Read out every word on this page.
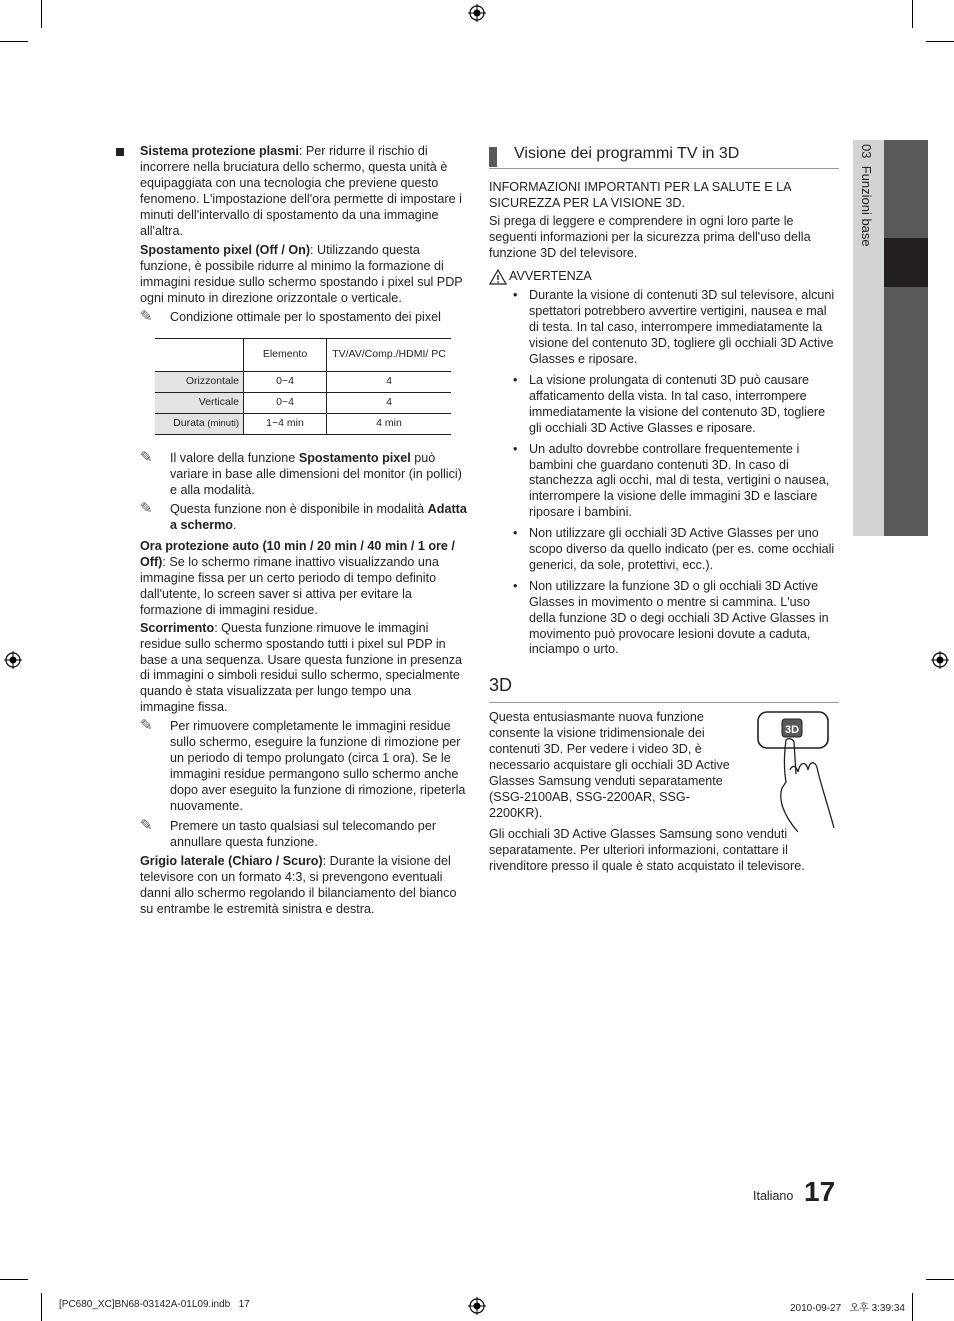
Sistema protezione plasmi: Per ridurre il rischio di incorrere nella bruciatura dello schermo, questa unità è equipaggiata con una tecnologia che previene questo fenomeno. L'impostazione dell'ora permette di impostare i minuti dell'intervallo di spostamento da una immagine all'altra.

Spostamento pixel (Off / On): Utilizzando questa funzione, è possibile ridurre al minimo la formazione di immagini residue sullo schermo spostando i pixel sul PDP ogni minuto in direzione orizzontale o verticale.

✎ Condizione ottimale per lo spostamento dei pixel
	Elemento	TV/AV/Comp./HDMI/ PC
Orizzontale	0~4	4
Verticale	0~4	4
Durata (minuti)	1~4 min	4 min
✎ Il valore della funzione Spostamento pixel può variare in base alle dimensioni del monitor (in pollici) e alla modalità.
✎ Questa funzione non è disponibile in modalità Adatta a schermo.

Ora protezione auto (10 min / 20 min / 40 min / 1 ore / Off): Se lo schermo rimane inattivo visualizzando una immagine fissa per un certo periodo di tempo definito dall'utente, lo screen saver si attiva per evitare la formazione di immagini residue.

Scorrimento: Questa funzione rimuove le immagini residue sullo schermo spostando tutti i pixel sul PDP in base a una sequenza. Usare questa funzione in presenza di immagini o simboli residui sullo schermo, specialmente quando è stata visualizzata per lungo tempo una immagine fissa.

✎ Per rimuovere completamente le immagini residue sullo schermo, eseguire la funzione di rimozione per un periodo di tempo prolungato (circa 1 ora). Se le immagini residue permangono sullo schermo anche dopo aver eseguito la funzione di rimozione, ripeterla nuovamente.
✎ Premere un tasto qualsiasi sul telecomando per annullare questa funzione.

Grigio laterale (Chiaro / Scuro): Durante la visione del televisore con un formato 4:3, si prevengono eventuali danni allo schermo regolando il bilanciamento del bianco su entrambe le estremità sinistra e destra.

Visione dei programmi TV in 3D

INFORMAZIONI IMPORTANTI PER LA SALUTE E LA SICUREZZA PER LA VISIONE 3D.

Si prega di leggere e comprendere in ogni loro parte le seguenti informazioni per la sicurezza prima dell'uso della funzione 3D del televisore.

AVVERTENZA
• Durante la visione di contenuti 3D sul televisore, alcuni spettatori potrebbero avvertire vertigini, nausea e mal di testa. In tal caso, interrompere immediatamente la visione del contenuto 3D, togliere gli occhiali 3D Active Glasses e riposare.
• La visione prolungata di contenuti 3D può causare affaticamento della vista. In tal caso, interrompere immediatamente la visione del contenuto 3D, togliere gli occhiali 3D Active Glasses e riposare.
• Un adulto dovrebbe controllare frequentemente i bambini che guardano contenuti 3D. In caso di stanchezza agli occhi, mal di testa, vertigini o nausea, interrompere la visione delle immagini 3D e lasciare riposare i bambini.
• Non utilizzare gli occhiali 3D Active Glasses per uno scopo diverso da quello indicato (per es. come occhiali generici, da sole, protettivi, ecc.).
• Non utilizzare la funzione 3D o gli occhiali 3D Active Glasses in movimento o mentre si cammina. L'uso della funzione 3D o degi occhiali 3D Active Glasses in movimento può provocare lesioni dovute a caduta, inciampo o urto.
3D

Questa entusiasmante nuova funzione consente la visione tridimensionale dei contenuti 3D. Per vedere i video 3D, è necessario acquistare gli occhiali 3D Active Glasses Samsung venduti separatamente (SSG-2100AB, SSG-2200AR, SSG-2200KR).

3D

Gli occhiali 3D Active Glasses Samsung sono venduti separatamente. Per ulteriori informazioni, contattare il rivenditore presso il quale è stato acquistato il televisore.

03  Funzioni base
Italiano 17
[PC680_XC]BN68-03142A-01L09.indb   17	2010-09-27   오후 3:39:34
